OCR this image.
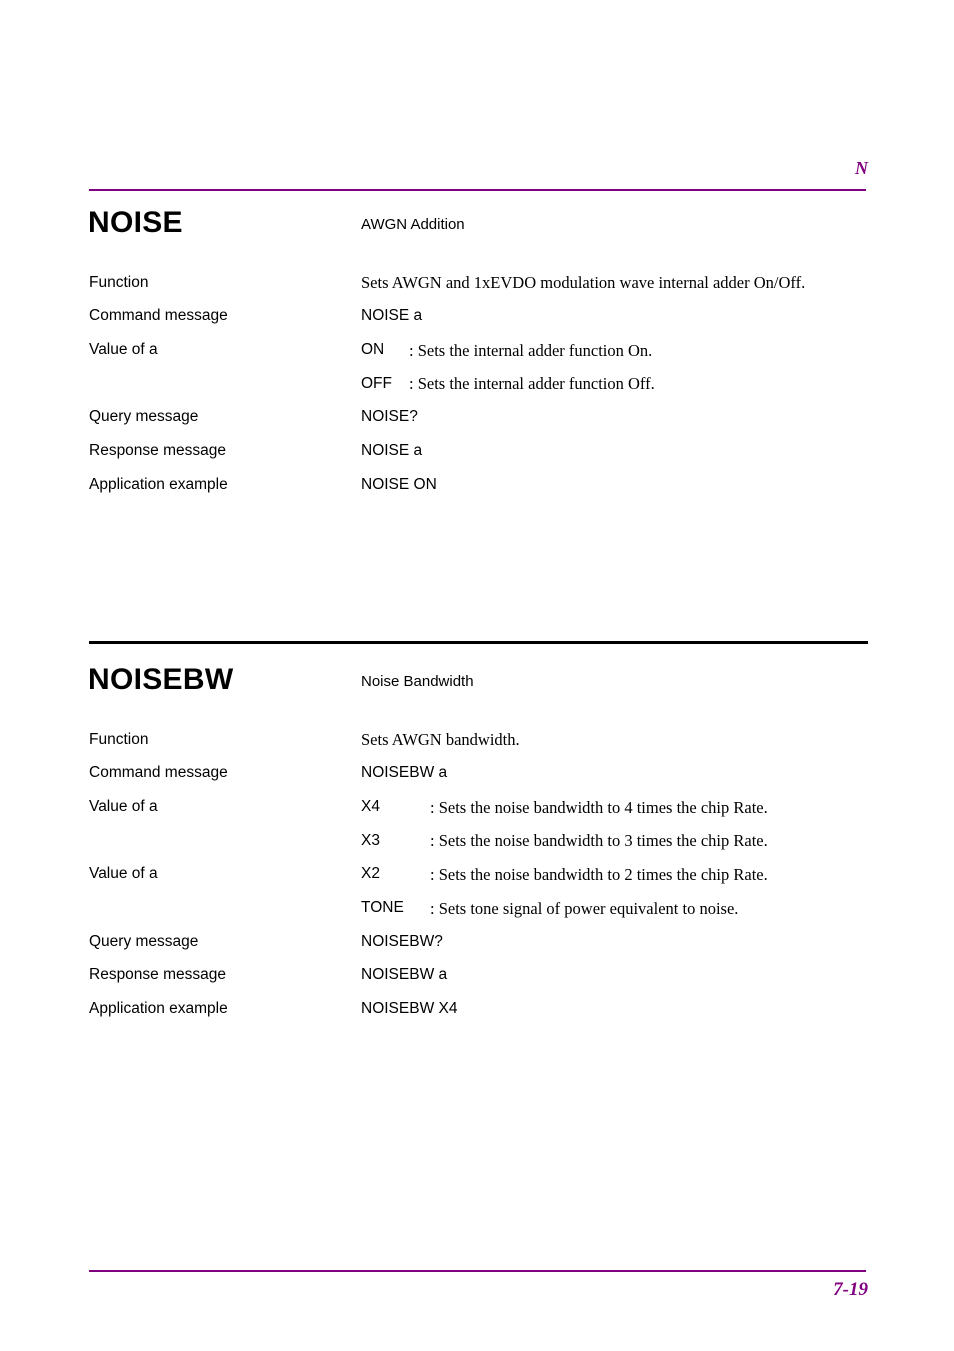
N
NOISE	AWGN Addition
Function	Sets AWGN and 1xEVDO modulation wave internal adder On/Off.
Command message	NOISE a
Value of a	ON : Sets the internal adder function On.
OFF : Sets the internal adder function Off.
Query message	NOISE?
Response message	NOISE a
Application example	NOISE ON
NOISEBW	Noise Bandwidth
Function	Sets AWGN bandwidth.
Command message	NOISEBW a
Value of a	X4	: Sets the noise bandwidth to 4 times the chip Rate.
X3	: Sets the noise bandwidth to 3 times the chip Rate.
Value of a	X2	: Sets the noise bandwidth to 2 times the chip Rate.
TONE : Sets tone signal of power equivalent to noise.
Query message	NOISEBW?
Response message	NOISEBW a
Application example	NOISEBW X4
7-19
